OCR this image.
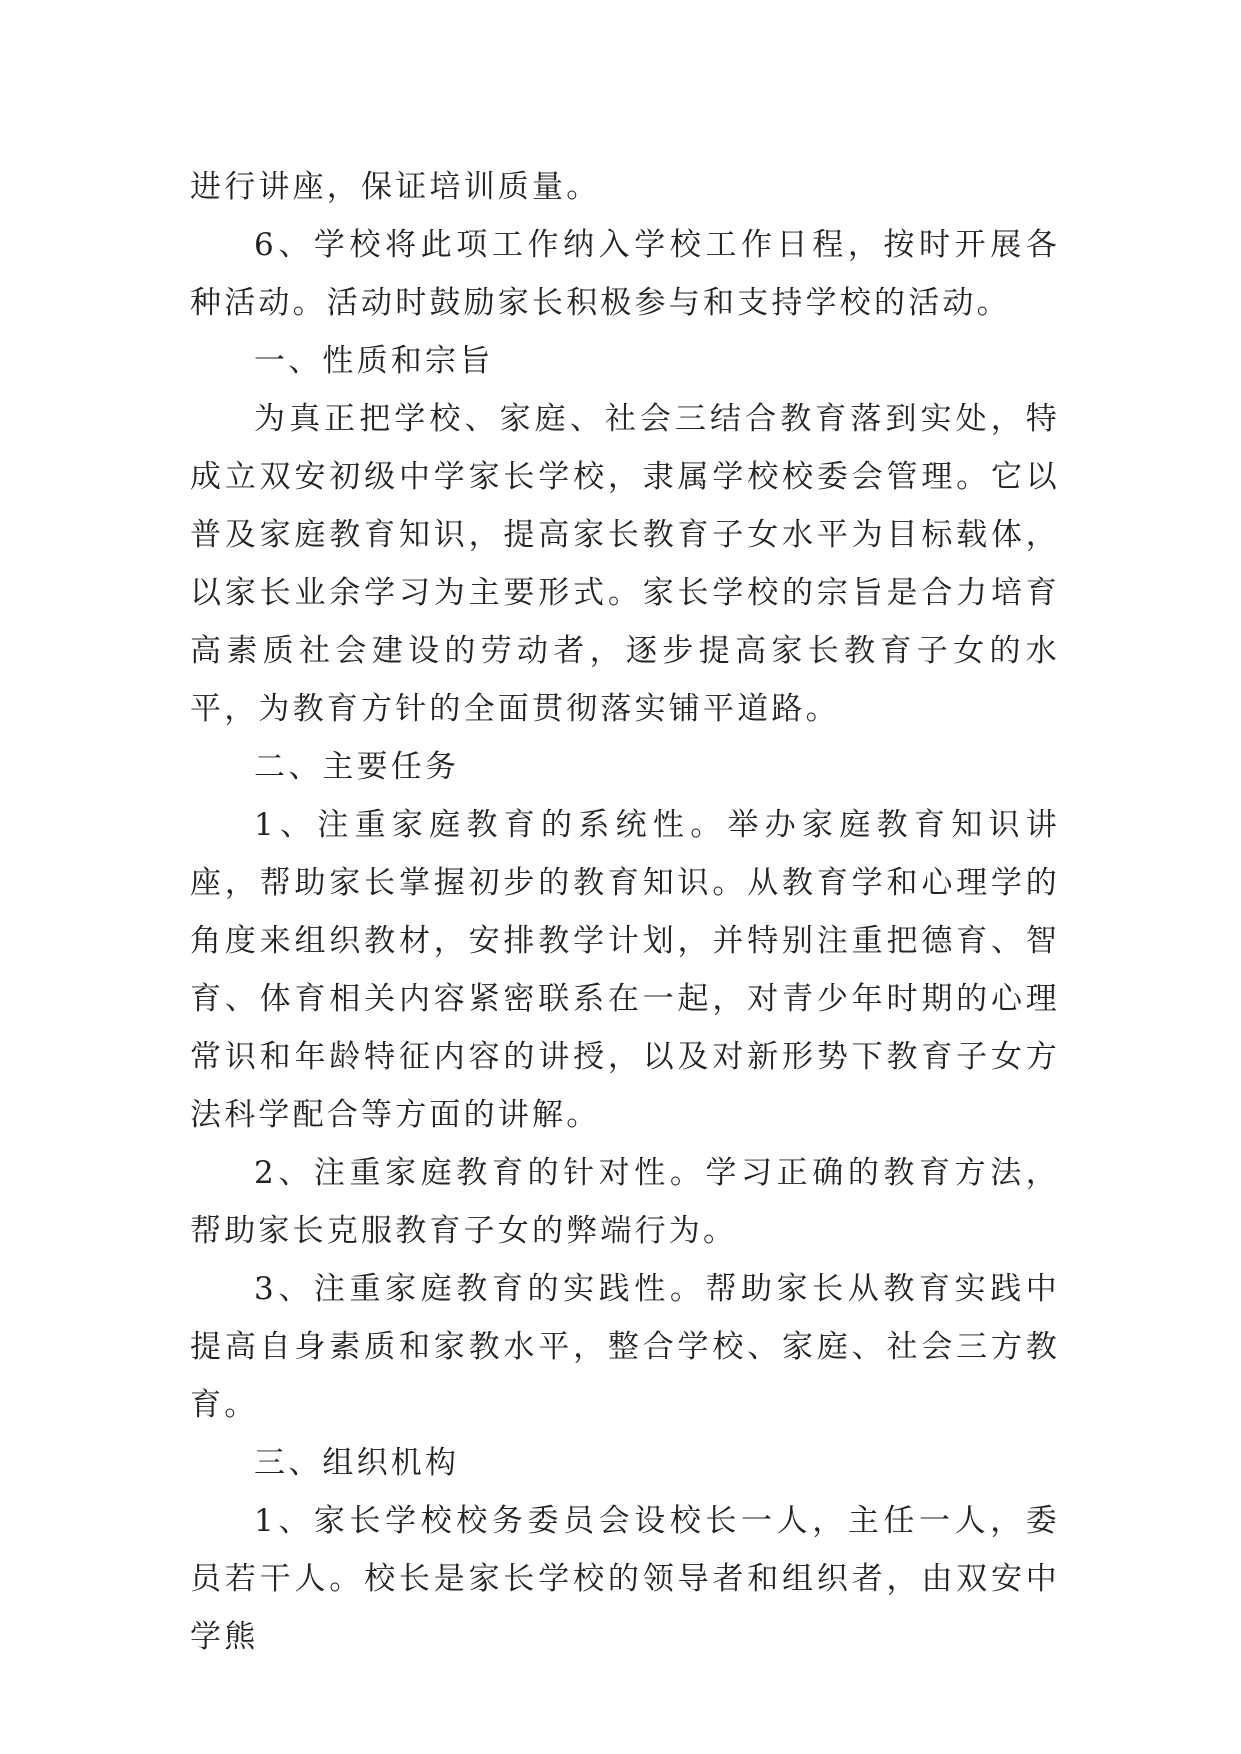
进行讲座，保证培训质量。

6、学校将此项工作纳入学校工作日程，按时开展各种活动。活动时鼓励家长积极参与和支持学校的活动。

一、性质和宗旨

为真正把学校、家庭、社会三结合教育落到实处，特成立双安初级中学家长学校，隶属学校校委会管理。它以普及家庭教育知识，提高家长教育子女水平为目标载体，以家长业余学习为主要形式。家长学校的宗旨是合力培育高素质社会建设的劳动者，逐步提高家长教育子女的水平，为教育方针的全面贯彻落实铺平道路。

二、主要任务

1、注重家庭教育的系统性。举办家庭教育知识讲座，帮助家长掌握初步的教育知识。从教育学和心理学的角度来组织教材，安排教学计划，并特别注重把德育、智育、体育相关内容紧密联系在一起，对青少年时期的心理常识和年龄特征内容的讲授，以及对新形势下教育子女方法科学配合等方面的讲解。

2、注重家庭教育的针对性。学习正确的教育方法，帮助家长克服教育子女的弊端行为。

3、注重家庭教育的实践性。帮助家长从教育实践中提高自身素质和家教水平，整合学校、家庭、社会三方教育。

三、组织机构

1、家长学校校务委员会设校长一人，主任一人，委员若干人。校长是家长学校的领导者和组织者，由双安中学熊
